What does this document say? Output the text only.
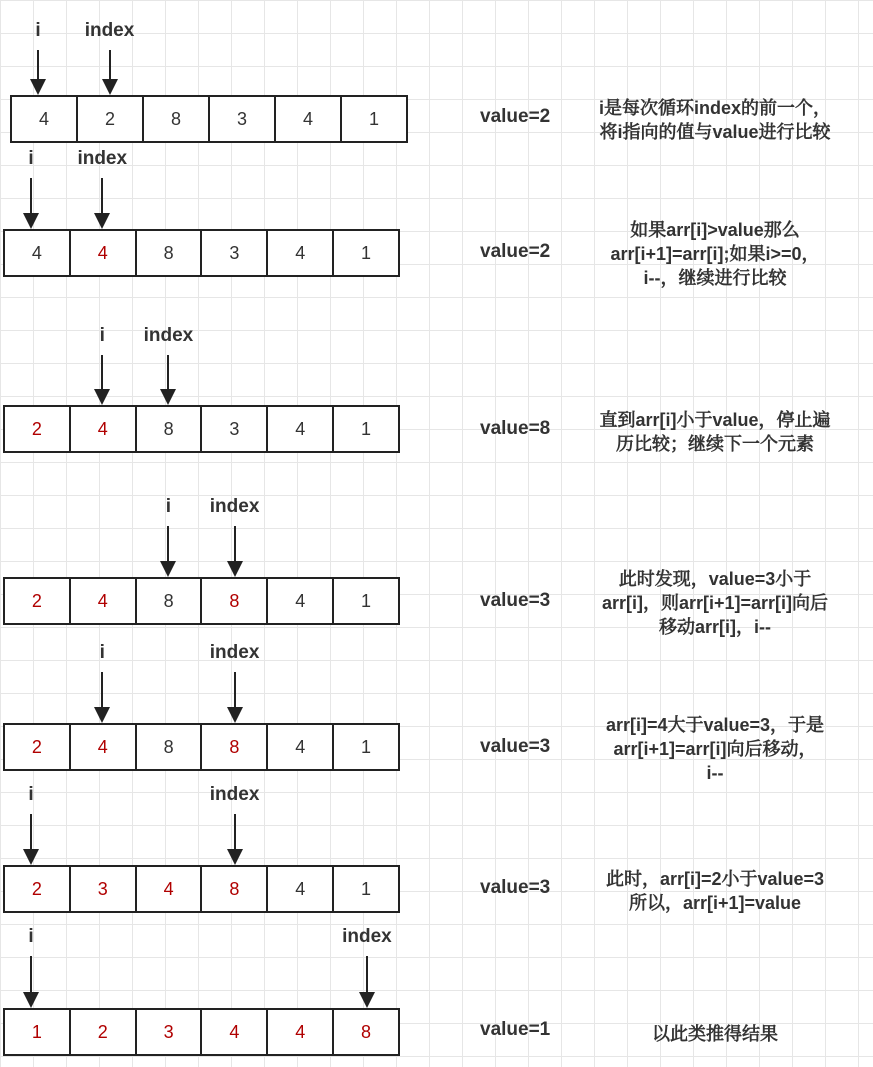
4	2	8	3	4	1
i index
value=2	i是每次循环index的前一个，
将i指向的值与value进行比较
4	4	8	3	4	1
i index
value=2
如果arr[i]>value那么
arr[i+1]=arr[i];如果i>=0，
i--，继续进行比较
2	4	8	3	4	1
i index
value=8	直到arr[i]小于value，停止遍
历比较；继续下一个元素
2	4	8	8	4	1
i index
value=3
此时发现，value=3小于
arr[i]，则arr[i+1]=arr[i]向后
移动arr[i]，i--
2	4	8	8	4	1
i	index
value=3
arr[i]=4大于value=3，于是
arr[i+1]=arr[i]向后移动，
i--
2	3	4	8	4	1
i	index
value=3	此时，arr[i]=2小于value=3
所以，arr[i+1]=value
1	2	3	4	4	8
i	index
value=1	以此类推得结果
